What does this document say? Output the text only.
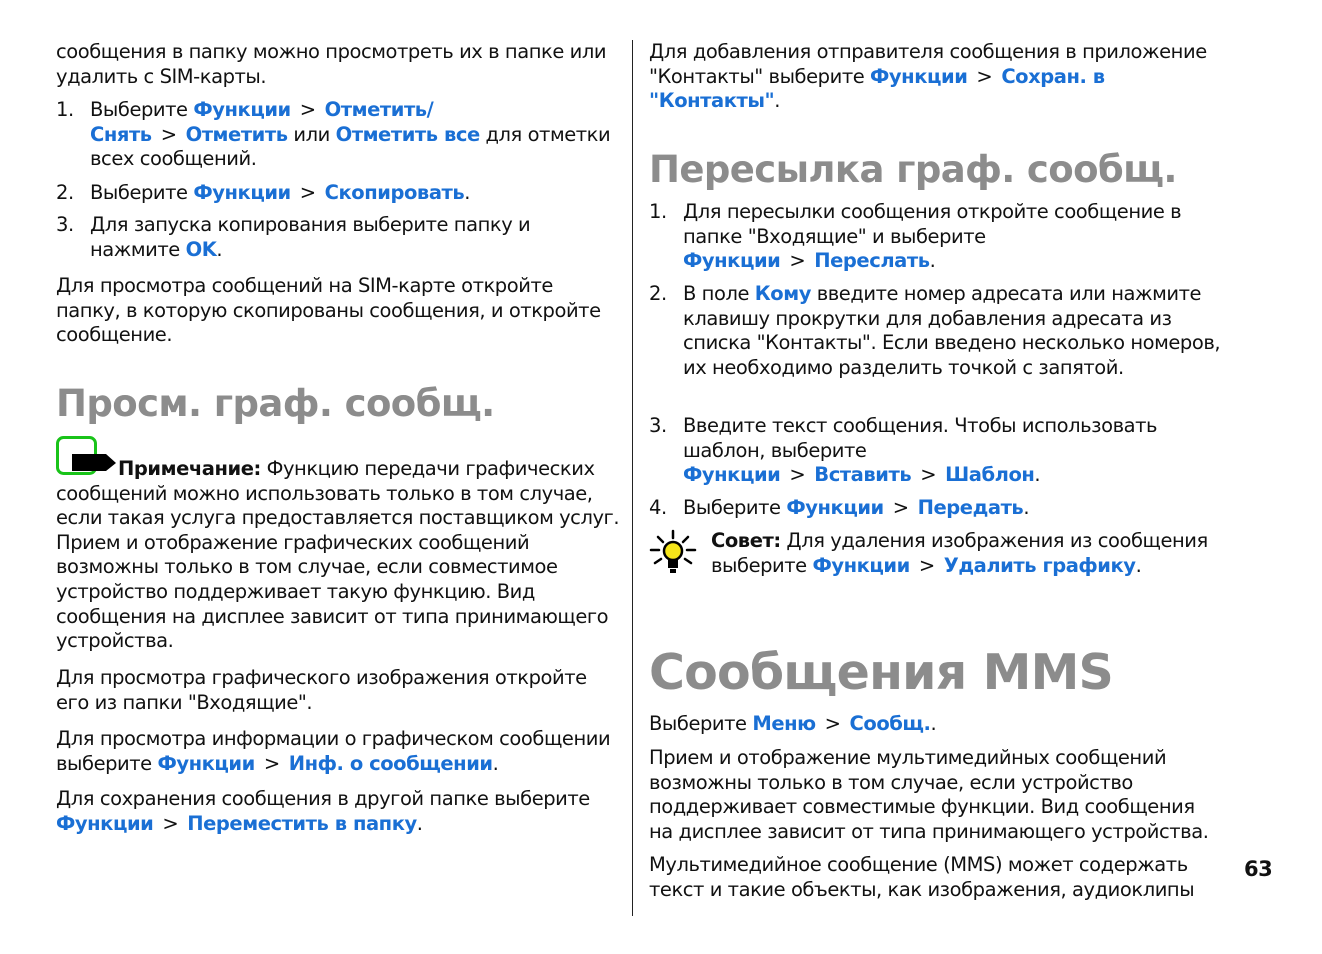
сообщения в папку можно просмотреть их в папке или удалить с SIM-карты.

1. Выберите Функции > Отметить/Снять > Отметить или Отметить все для отметки всех сообщений.
2. Выберите Функции > Скопировать.
3. Для запуска копирования выберите папку и нажмите OK.

Для просмотра сообщений на SIM-карте откройте папку, в которую скопированы сообщения, и откройте сообщение.

Просм. граф. сообщ.

Примечание: Функцию передачи графических сообщений можно использовать только в том случае, если такая услуга предоставляется поставщиком услуг. Прием и отображение графических сообщений возможны только в том случае, если совместимое устройство поддерживает такую функцию. Вид сообщения на дисплее зависит от типа принимающего устройства.

Для просмотра графического изображения откройте его из папки "Входящие".

Для просмотра информации о графическом сообщении выберите Функции > Инф. о сообщении.

Для сохранения сообщения в другой папке выберите Функции > Переместить в папку.

Для добавления отправителя сообщения в приложение "Контакты" выберите Функции > Сохран. в "Контакты".

Пересылка граф. сообщ.
1. Для пересылки сообщения откройте сообщение в папке "Входящие" и выберите Функции > Переслать.
2. В поле Кому введите номер адресата или нажмите клавишу прокрутки для добавления адресата из списка "Контакты". Если введено несколько номеров, их необходимо разделить точкой с запятой.
3. Введите текст сообщения. Чтобы использовать шаблон, выберите Функции > Вставить > Шаблон.
4. Выберите Функции > Передать.
Совет: Для удаления изображения из сообщения выберите Функции > Удалить графику.
Сообщения MMS

Выберите Меню > Сообщ..

Прием и отображение мультимедийных сообщений возможны только в том случае, если устройство поддерживает совместимые функции. Вид сообщения на дисплее зависит от типа принимающего устройства.

Мультимедийное сообщение (MMS) может содержать текст и такие объекты, как изображения, аудиоклипы

63
